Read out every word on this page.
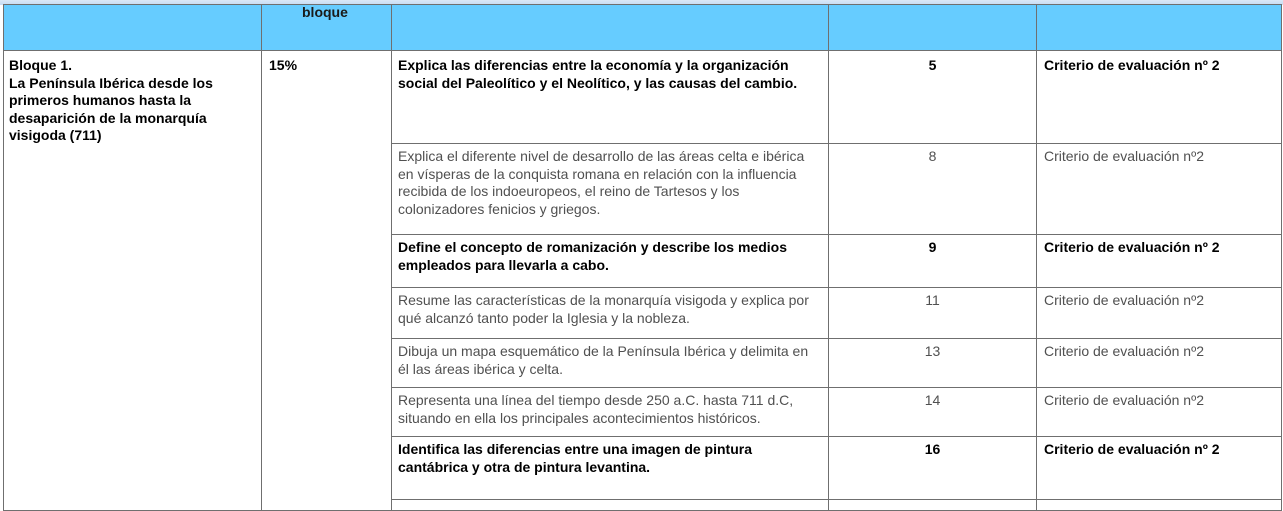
	bloque			

Bloque 1.
La Península Ibérica desde los primeros humanos hasta la desaparición de la monarquía visigoda (711)	15%	Explica las diferencias entre la economía y la organización social del Paleolítico y el Neolítico, y las causas del cambio.	5	Criterio de evaluación nº 2
		Explica el diferente nivel de desarrollo de las áreas celta e ibérica en vísperas de la conquista romana en relación con la influencia recibida de los indoeuropeos, el reino de Tartesos y los colonizadores fenicios y griegos.	8	Criterio de evaluación nº2
		Define el concepto de romanización y describe los medios empleados para llevarla a cabo.	9	Criterio de evaluación nº 2
		Resume las características de la monarquía visigoda y explica por qué alcanzó tanto poder la Iglesia y la nobleza.	11	Criterio de evaluación nº2
		Dibuja un mapa esquemático de la Península Ibérica y delimita en él las áreas ibérica y celta.	13	Criterio de evaluación nº2
		Representa una línea del tiempo desde 250 a.C. hasta 711 d.C, situando en ella los principales acontecimientos históricos.	14	Criterio de evaluación nº2
		Identifica las diferencias entre una imagen de pintura cantábrica y otra de pintura levantina.	16	Criterio de evaluación nº 2
